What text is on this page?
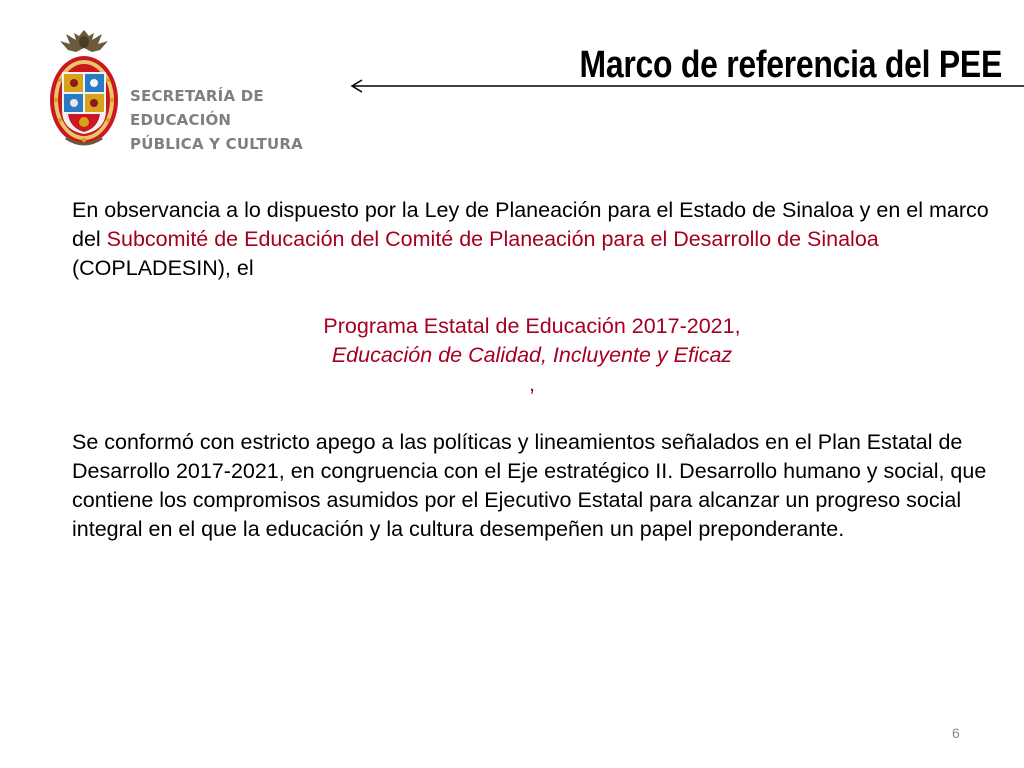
SECRETARÍA DE
EDUCACIÓN
PÚBLICA Y CULTURA
Marco de referencia del PEE

En observancia a lo dispuesto por la Ley de Planeación para el Estado de Sinaloa y en el marco del Subcomité de Educación del Comité de Planeación para el Desarrollo de Sinaloa (COPLADESIN), el

Programa Estatal de Educación 2017-2021,
Educación de Calidad, Incluyente y Eficaz
,

Se conformó con estricto apego a las políticas y lineamientos señalados en el Plan Estatal de Desarrollo 2017-2021, en congruencia con el Eje estratégico II. Desarrollo humano y social, que contiene los compromisos asumidos por el Ejecutivo Estatal para alcanzar un progreso social integral en el que la educación y la cultura desempeñen un papel preponderante.

6
